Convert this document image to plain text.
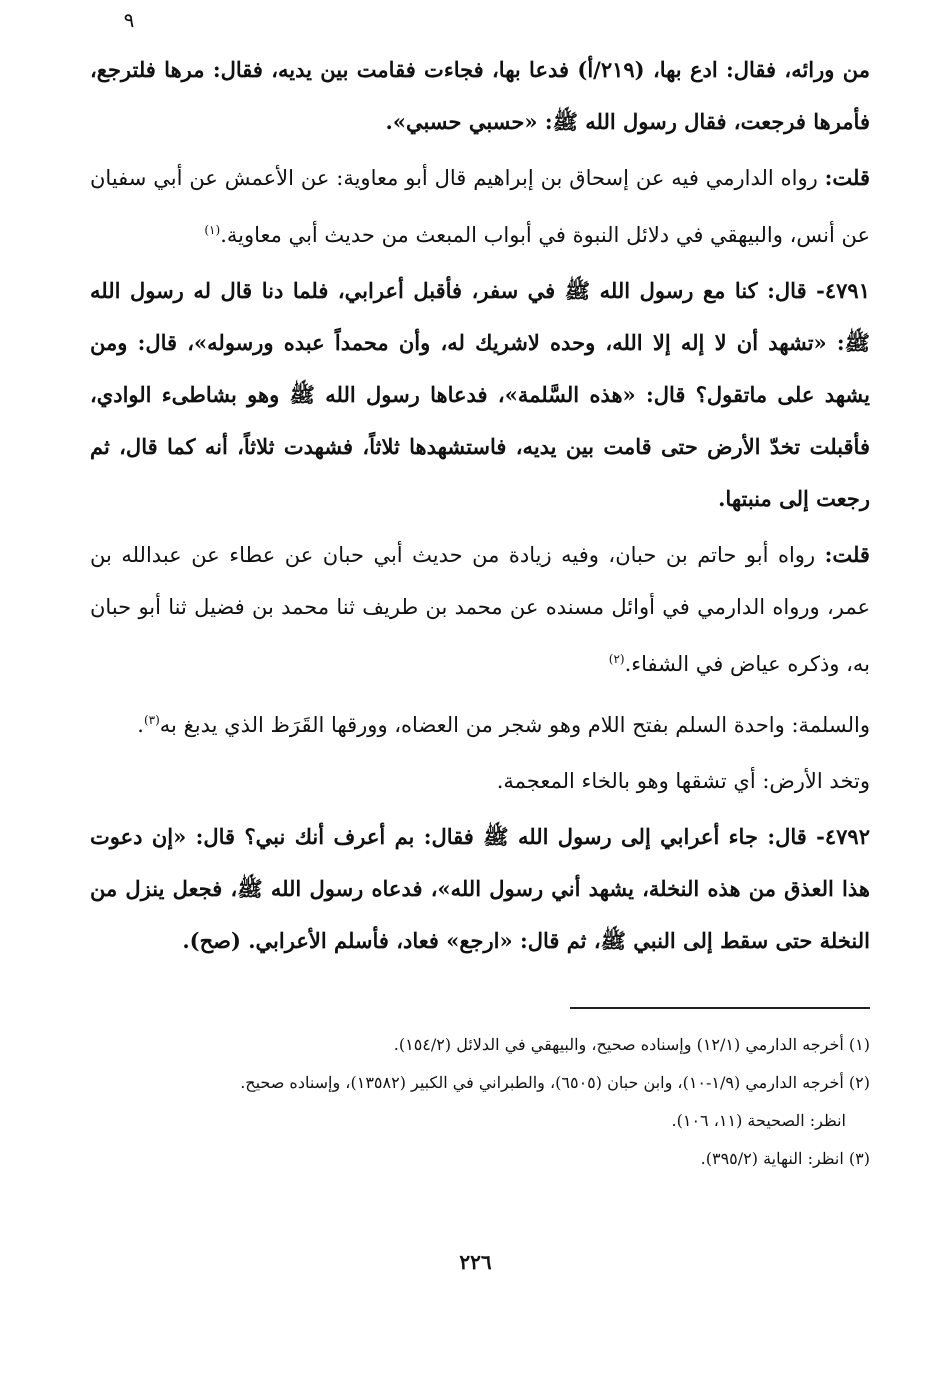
٩

من ورائه، فقال: ادع بها، (٢١٩/أ) فدعا بها، فجاءت فقامت بين يديه، فقال: مرها فلترجع، فأمرها فرجعت، فقال رسول الله ﷺ: «حسبي حسبي».

قلت: رواه الدارمي فيه عن إسحاق بن إبراهيم قال أبو معاوية: عن الأعمش عن أبي سفيان عن أنس، والبيهقي في دلائل النبوة في أبواب المبعث من حديث أبي معاوية.$^{(١)}$

٤٧٩١- قال: كنا مع رسول الله ﷺ في سفر، فأقبل أعرابي، فلما دنا قال له رسول الله ﷺ: «تشهد أن لا إله إلا الله، وحده لاشريك له، وأن محمداً عبده ورسوله»، قال: ومن يشهد على ماتقول؟ قال: «هذه السَّلمة»، فدعاها رسول الله ﷺ وهو بشاطىء الوادي، فأقبلت تخدّ الأرض حتى قامت بين يديه، فاستشهدها ثلاثاً، فشهدت ثلاثاً، أنه كما قال، ثم رجعت إلى منبتها.

قلت: رواه أبو حاتم بن حبان، وفيه زيادة من حديث أبي حبان عن عطاء عن عبدالله بن عمر، ورواه الدارمي في أوائل مسنده عن محمد بن طريف ثنا محمد بن فضيل ثنا أبو حبان به، وذكره عياض في الشفاء.$^{(٢)}$

والسلمة: واحدة السلم بفتح اللام وهو شجر من العضاه، وورقها القَرَظ الذي يدبغ به$^{(٣)}$.

وتخد الأرض: أي تشقها وهو بالخاء المعجمة.

٤٧٩٢- قال: جاء أعرابي إلى رسول الله ﷺ فقال: بم أعرف أنك نبي؟ قال: «إن دعوت هذا العذق من هذه النخلة، يشهد أني رسول الله»، فدعاه رسول الله ﷺ، فجعل ينزل من النخلة حتى سقط إلى النبي ﷺ، ثم قال: «ارجع» فعاد، فأسلم الأعرابي. (صح).

(١) أخرجه الدارمي (١٢/١) وإسناده صحيح، والبيهقي في الدلائل (١٥٤/٢).

(٢) أخرجه الدارمي (١/٩-١٠)، وابن حبان (٦٥٠٥)، والطبراني في الكبير (١٣٥٨٢)، وإسناده صحيح.

انظر: الصحيحة (١١، ١٠٦).

(٣) انظر: النهاية (٣٩٥/٢).

٢٢٦
